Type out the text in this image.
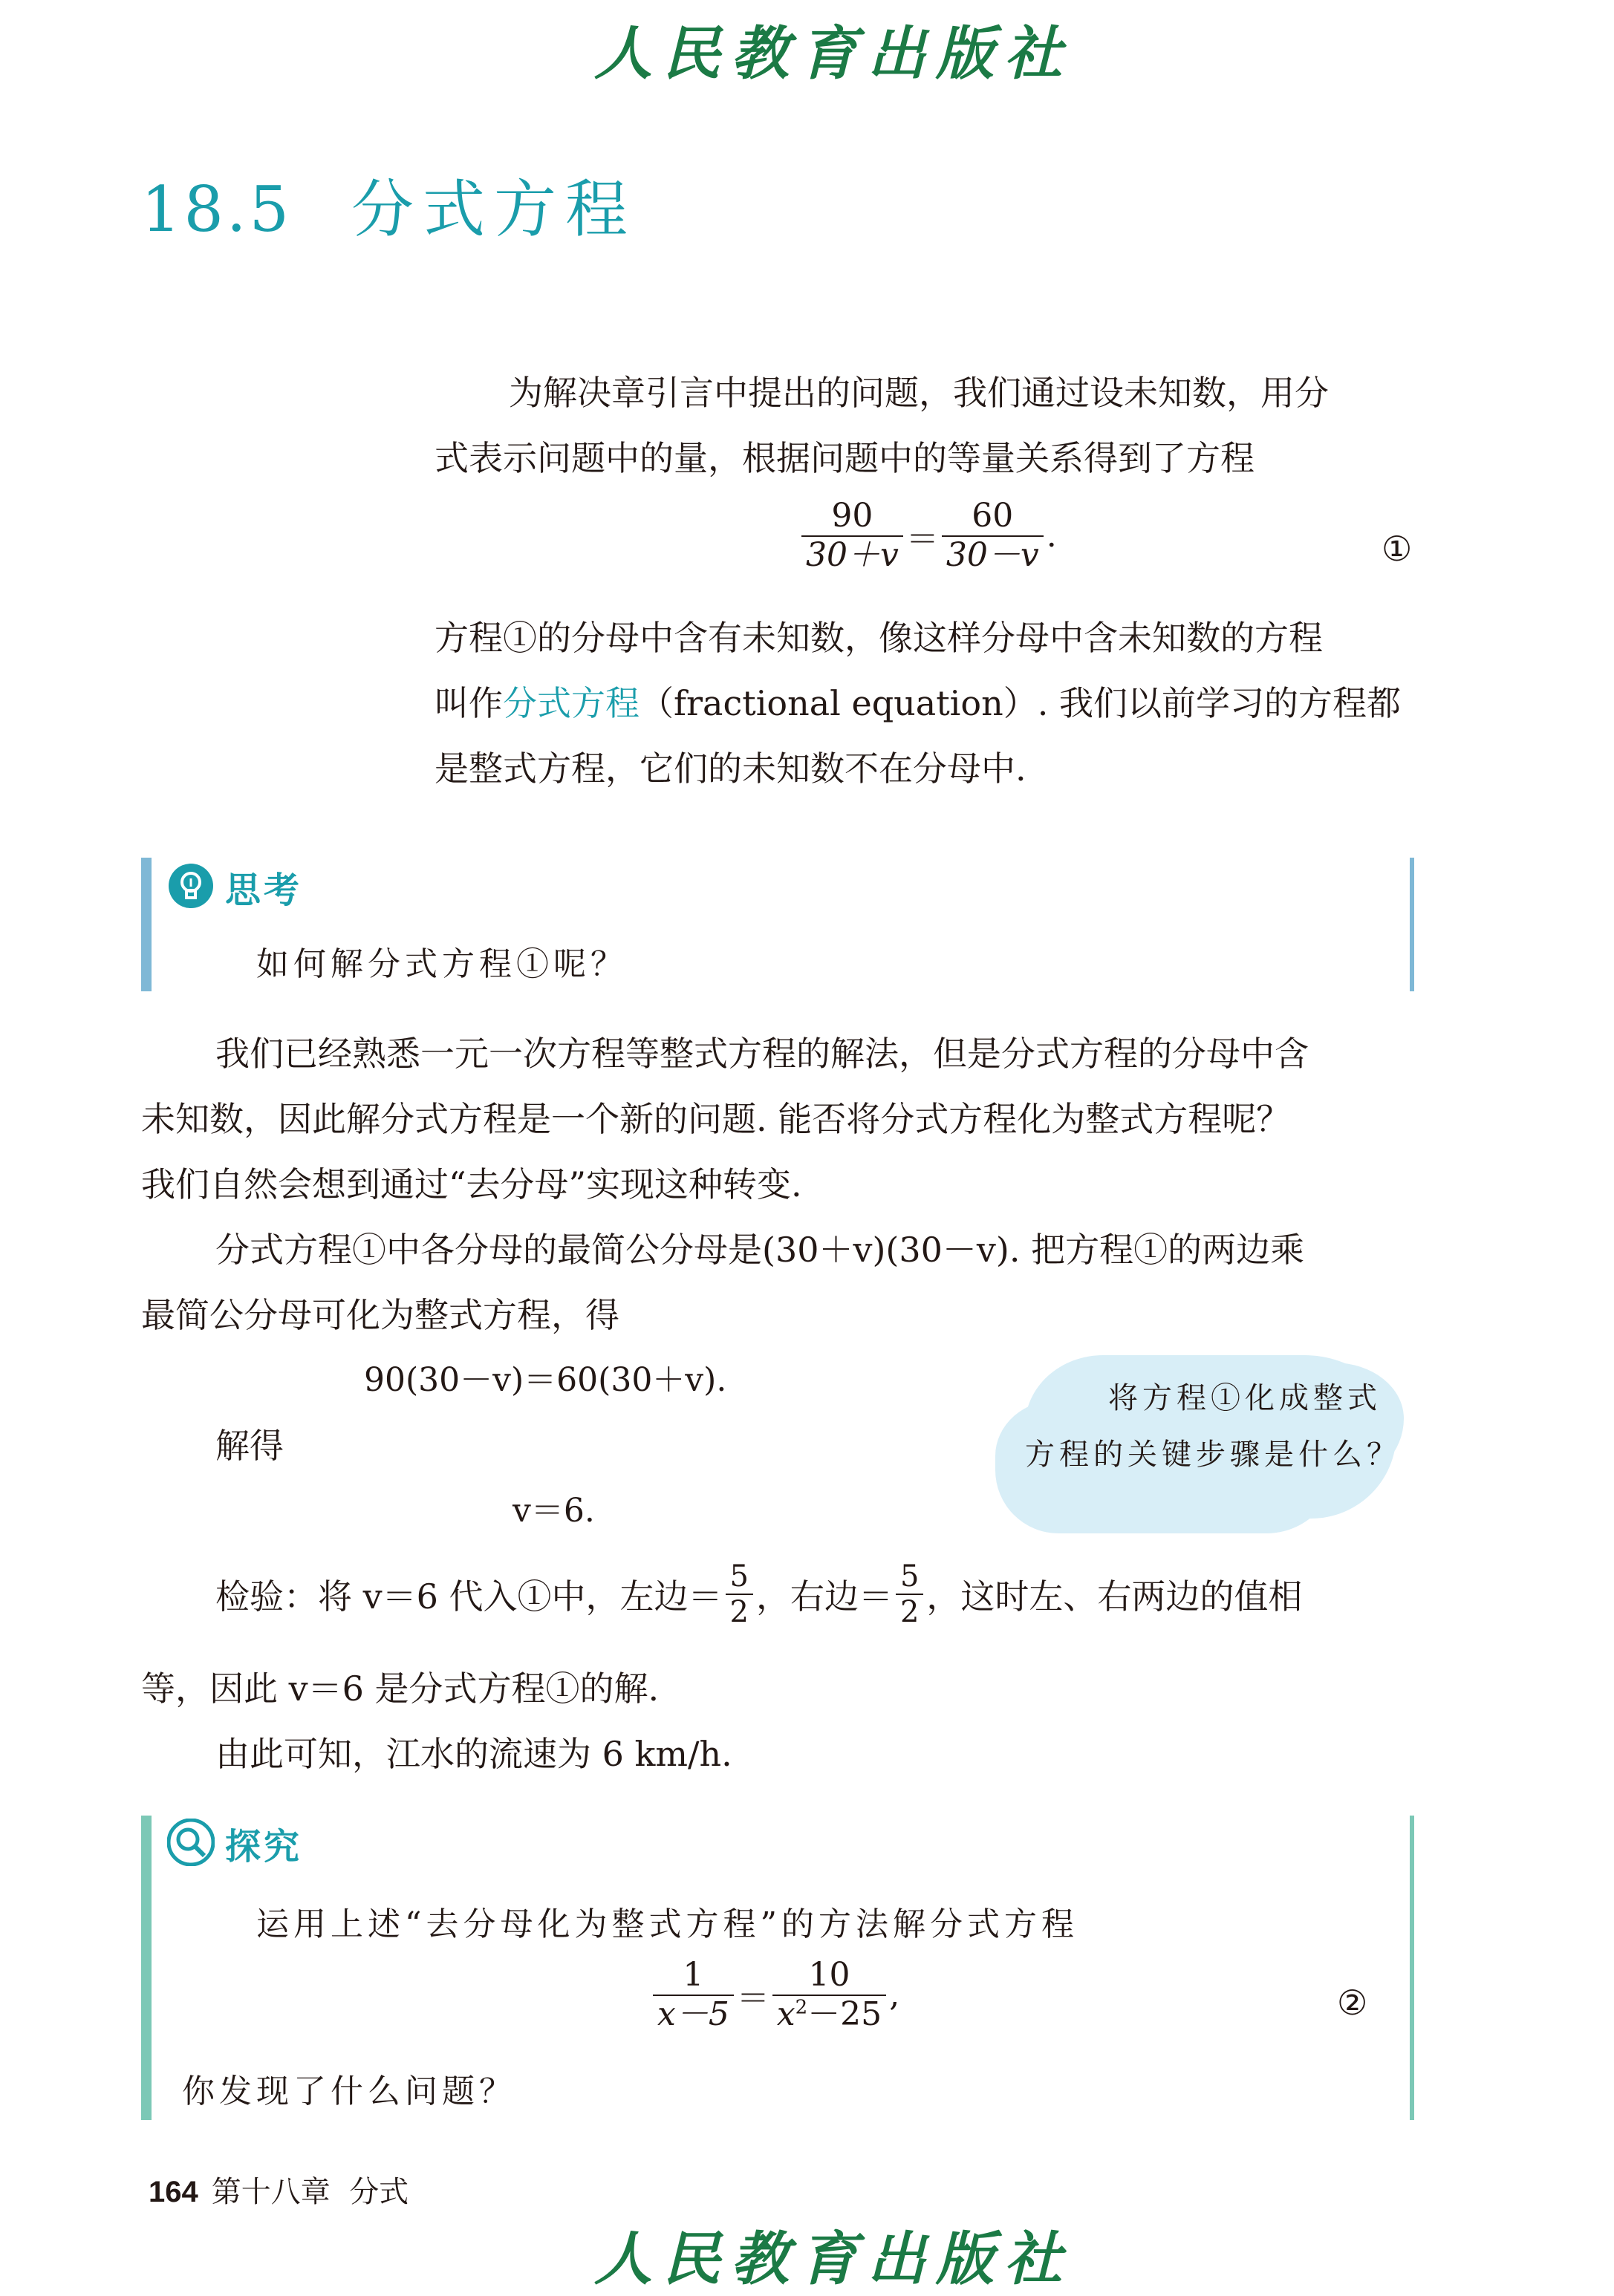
人民教育出版社
18.5 分式方程
为解决章引言中提出的问题，我们通过设未知数，用分
式表示问题中的量，根据问题中的等量关系得到了方程
$\frac{90}{30+v} = \frac{60}{30-v}$ .	①
方程①的分母中含有未知数，像这样分母中含未知数的方程
叫作分式方程（fractional equation）. 我们以前学习的方程都
是整式方程，它们的未知数不在分母中.
思考
如何解分式方程①呢？
我们已经熟悉一元一次方程等整式方程的解法，但是分式方程的分母中含
未知数，因此解分式方程是一个新的问题. 能否将分式方程化为整式方程呢？
我们自然会想到通过“去分母”实现这种转变.
分式方程①中各分母的最简公分母是(30＋v)(30－v). 把方程①的两边乘
最简公分母可化为整式方程，得
90(30－v)＝60(30＋v).
解得
v＝6.
将方程①化成整式
方程的关键步骤是什么？
检验：将 v＝6 代入①中，左边＝ $\frac{5}{2}$ ，右边＝ $\frac{5}{2}$ ，这时左、右两边的值相
等，因此 v＝6 是分式方程①的解.
由此可知，江水的流速为 6 km/h.
探究
运用上述“去分母化为整式方程”的方法解分式方程
$\frac{1}{x-5} = \frac{10}{x^2-25}$ ,	②
你发现了什么问题？
164 第十八章 分式
人民教育出版社
